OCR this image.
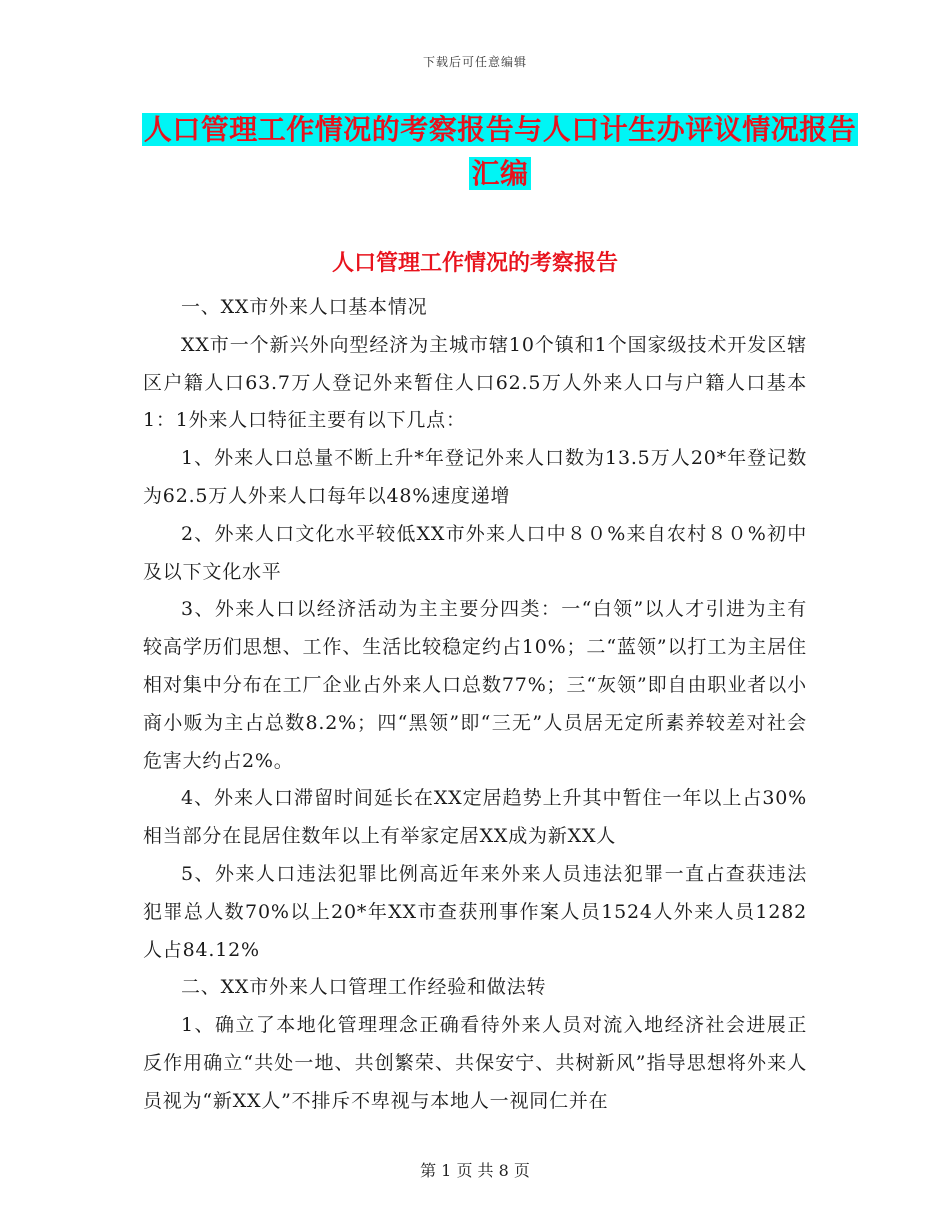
下载后可任意编辑
人口管理工作情况的考察报告与人口计生办评议情况报告汇编
人口管理工作情况的考察报告

一、XX市外来人口基本情况

XX市一个新兴外向型经济为主城市辖10个镇和1个国家级技术开发区辖区户籍人口63.7万人登记外来暂住人口62.5万人外来人口与户籍人口基本1：1外来人口特征主要有以下几点：

1、外来人口总量不断上升*年登记外来人口数为13.5万人20*年登记数为62.5万人外来人口每年以48%速度递增

2、外来人口文化水平较低XX市外来人口中８０%来自农村８０%初中及以下文化水平

3、外来人口以经济活动为主主要分四类：一“白领”以人才引进为主有较高学历们思想、工作、生活比较稳定约占10%；二“蓝领”以打工为主居住相对集中分布在工厂企业占外来人口总数77%；三“灰领”即自由职业者以小商小贩为主占总数8.2%；四“黑领”即“三无”人员居无定所素养较差对社会危害大约占2%。

4、外来人口滞留时间延长在XX定居趋势上升其中暂住一年以上占30%相当部分在昆居住数年以上有举家定居XX成为新XX人

5、外来人口违法犯罪比例高近年来外来人员违法犯罪一直占查获违法犯罪总人数70%以上20*年XX市查获刑事作案人员1524人外来人员1282人占84.12%

二、XX市外来人口管理工作经验和做法转

1、确立了本地化管理理念正确看待外来人员对流入地经济社会进展正反作用确立“共处一地、共创繁荣、共保安宁、共树新风”指导思想将外来人员视为“新XX人”不排斥不卑视与本地人一视同仁并在

第 1 页 共 8 页
